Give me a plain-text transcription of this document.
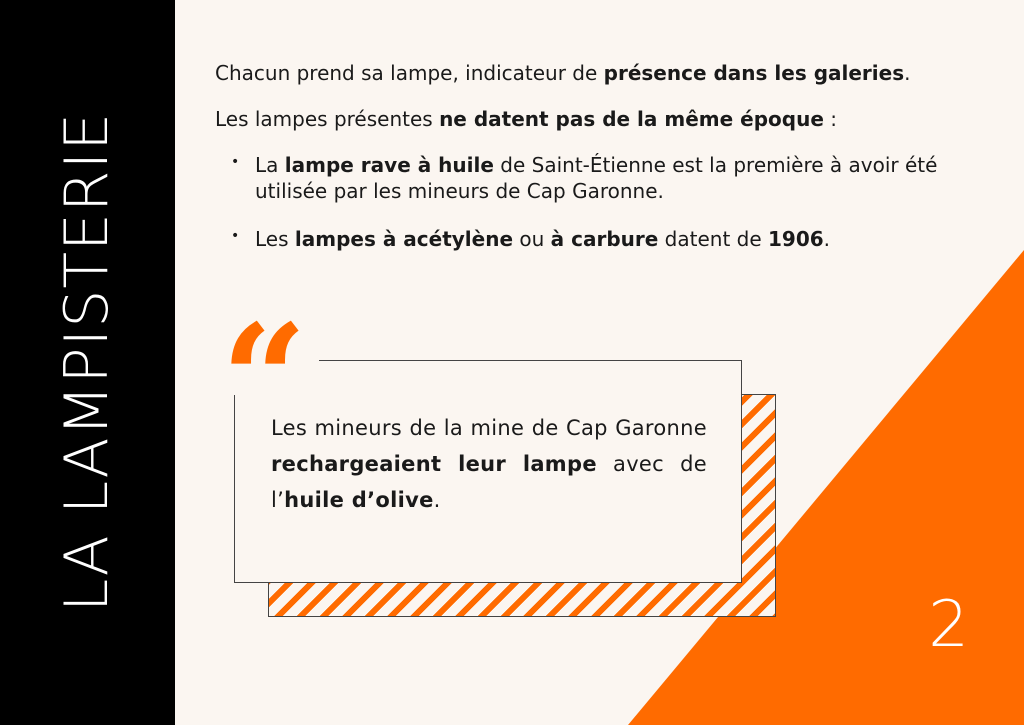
LA LAMPISTERIE
2

Chacun prend sa lampe, indicateur de présence dans les galeries.

Les lampes présentes ne datent pas de la même époque :

• La lampe rave à huile de Saint-Étienne est la première à avoir été utilisée par les mineurs de Cap Garonne.
• Les lampes à acétylène ou à carbure datent de 1906.
“
Les mineurs de la mine de Cap Garonne rechargeaient leur lampe avec de l’huile d’olive.
